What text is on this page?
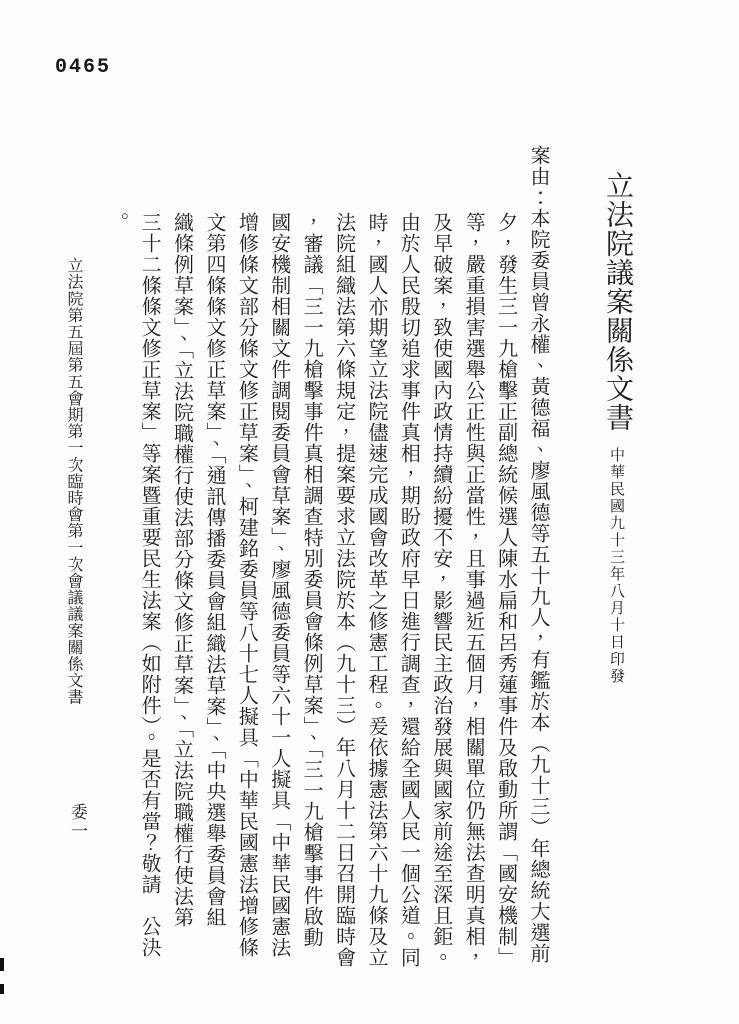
0465
立法院議案關係文書
中華民國九十三年八月十日印發

案由：本院委員曾永權、黃德福、廖風德等五十九人，有鑑於本（九十三）年總統大選前

夕，發生三一九槍擊正副總統候選人陳水扁和呂秀蓮事件及啟動所謂「國安機制」

等，嚴重損害選舉公正性與正當性，且事過近五個月，相關單位仍無法查明真相，

及早破案，致使國內政情持續紛擾不安，影響民主政治發展與國家前途至深且鉅。

由於人民殷切追求事件真相，期盼政府早日進行調查，還給全國人民一個公道。同

時，國人亦期望立法院儘速完成國會改革之修憲工程。爰依據憲法第六十九條及立

法院組織法第六條規定，提案要求立法院於本（九十三）年八月十二日召開臨時會

，審議「三一九槍擊事件真相調查特別委員會條例草案」、「三一九槍擊事件啟動

國安機制相關文件調閱委員會草案」、廖風德委員等六十一人擬具「中華民國憲法

增修條文部分條文修正草案」、柯建銘委員等八十七人擬具「中華民國憲法增修條

文第四條條文修正草案」、「通訊傳播委員會組織法草案」、「中央選舉委員會組

織條例草案」、「立法院職權行使法部分條文修正草案」、「立法院職權行使法第

三十二條條文修正草案」等案暨重要民生法案（如附件）。是否有當？敬請　公決

。

立法院第五屆第五會期第一次臨時會第一次會議議案關係文書
委一
